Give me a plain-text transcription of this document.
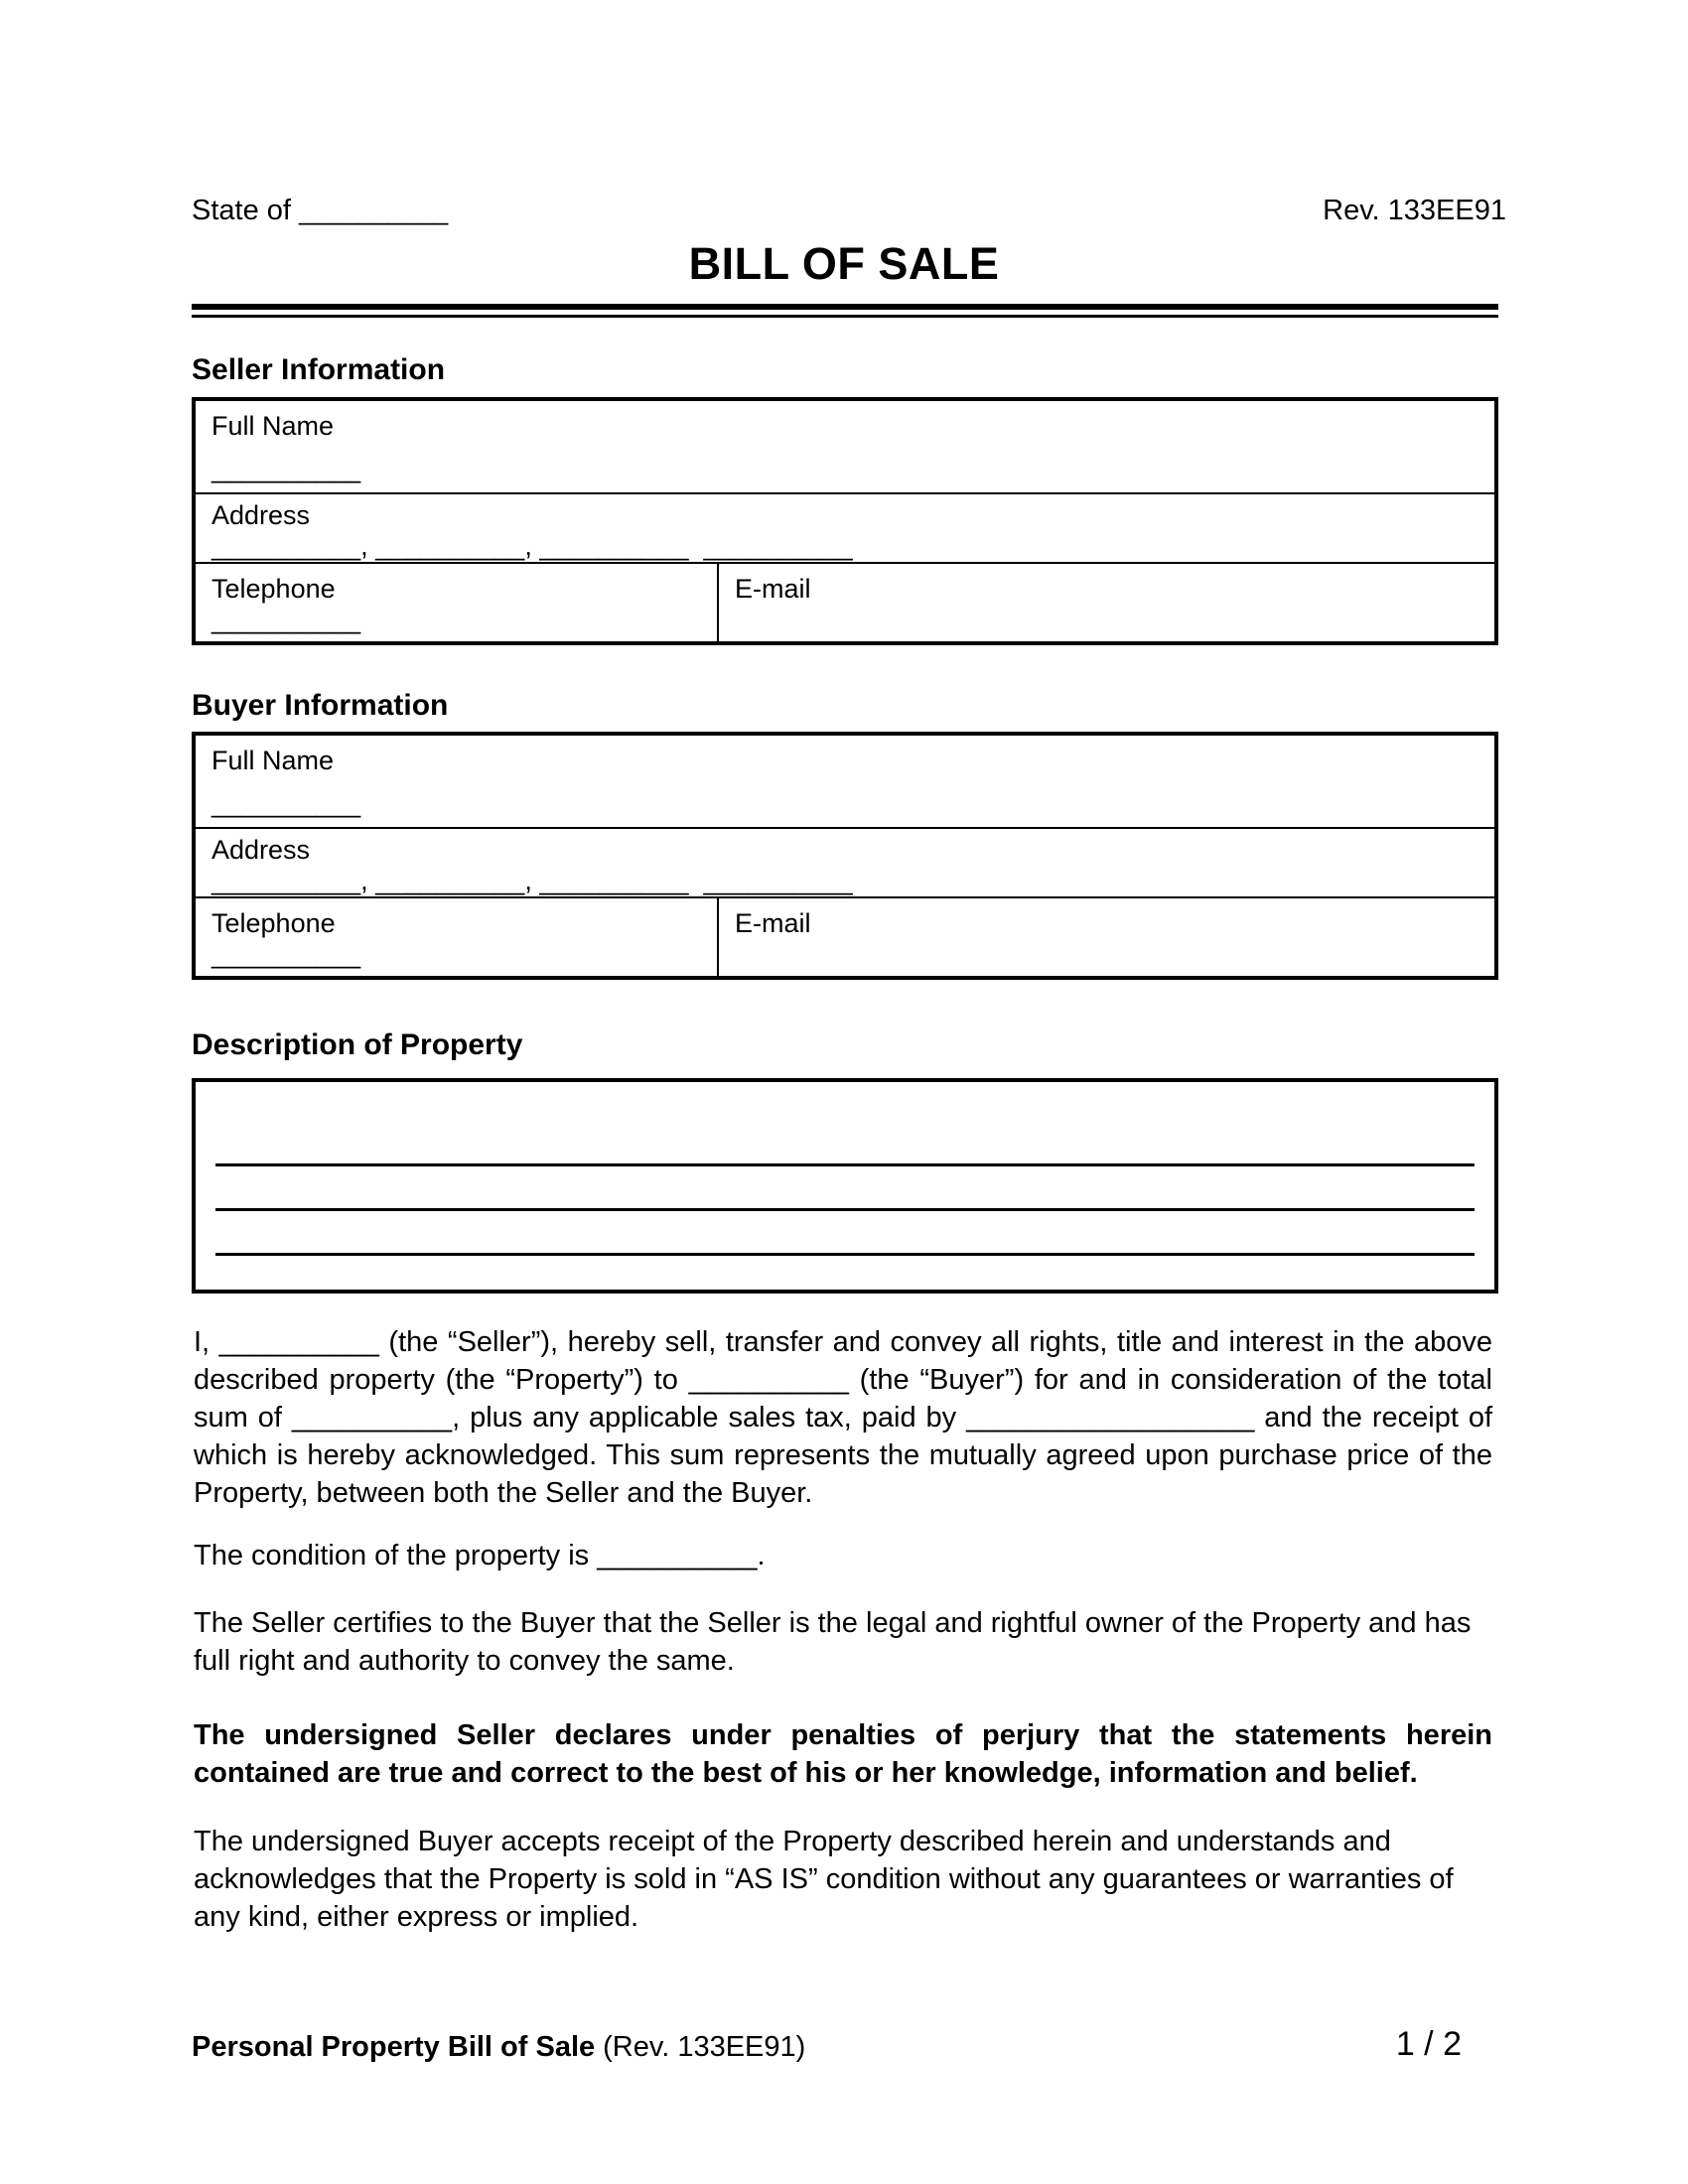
State of __________	Rev. 133EE91
BILL OF SALE
Seller Information
Full Name
__________
Address
__________, __________, __________  __________
Telephone
__________
E-mail
Buyer Information
Full Name
__________
Address
__________, __________, __________  __________
Telephone
__________
E-mail
Description of Property

I, __________ (the “Seller”), hereby sell, transfer and convey all rights, title and interest in the above described property (the “Property”) to __________ (the “Buyer”) for and in consideration of the total sum of __________, plus any applicable sales tax, paid by __________________ and the receipt of which is hereby acknowledged. This sum represents the mutually agreed upon purchase price of the Property, between both the Seller and the Buyer.

The condition of the property is __________.

The Seller certifies to the Buyer that the Seller is the legal and rightful owner of the Property and has full right and authority to convey the same.

The undersigned Seller declares under penalties of perjury that the statements herein contained are true and correct to the best of his or her knowledge, information and belief.

The undersigned Buyer accepts receipt of the Property described herein and understands and acknowledges that the Property is sold in “AS IS” condition without any guarantees or warranties of any kind, either express or implied.

Personal Property Bill of Sale (Rev. 133EE91)	1 / 2
